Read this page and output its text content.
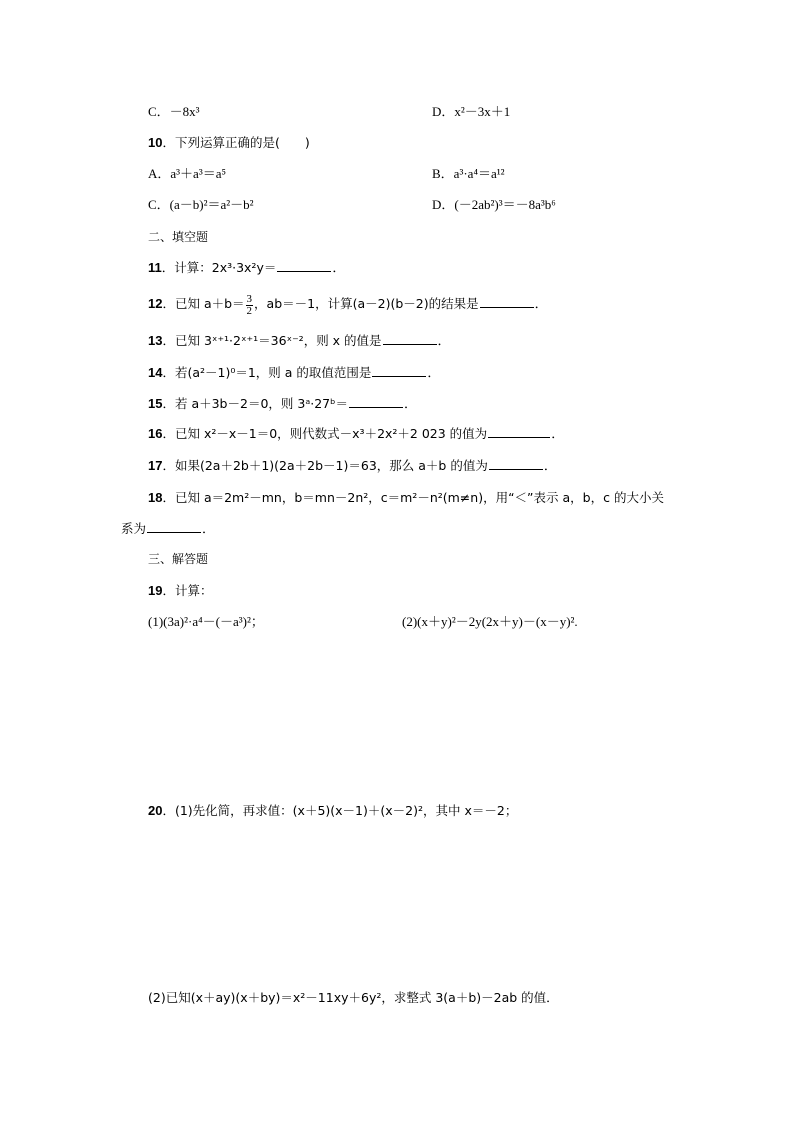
C．－8x³	D．x²－3x＋1
10．下列运算正确的是(　　)
A．a³＋a³＝a⁵	B．a³·a⁴＝a¹²
C．(a－b)²＝a²－b²	D．(－2ab²)³＝－8a³b⁶
二、填空题
11．计算：2x³·3x²y＝	．
12．已知 $a+b= \frac{3}{2}$ ，ab＝－1，计算(a－2)(b－2)的结果是	．
13．已知 3ˣ⁺¹·2ˣ⁺¹＝36ˣ⁻²，则 x 的值是	．
14．若(a²－1)⁰＝1，则 a 的取值范围是	．
15．若 a＋3b－2＝0，则 3ᵃ·27ᵇ＝	．
16．已知 x²－x－1＝0，则代数式－x³＋2x²＋2 023 的值为	．
17．如果(2a＋2b＋1)(2a＋2b－1)＝63，那么 a＋b 的值为	．
18．已知 a＝2m²－mn，b＝mn－2n²，c＝m²－n²(m≠n)，用“＜”表示 a，b，c 的大小关
系为	．
三、解答题
19．计算：
(1)(3a)²·a⁴－(－a³)²；	(2)(x＋y)²－2y(2x＋y)－(x－y)².
20．(1)先化简，再求值：(x＋5)(x－1)＋(x－2)²，其中 x＝－2；
(2)已知(x＋ay)(x＋by)＝x²－11xy＋6y²，求整式 3(a＋b)－2ab 的值．
